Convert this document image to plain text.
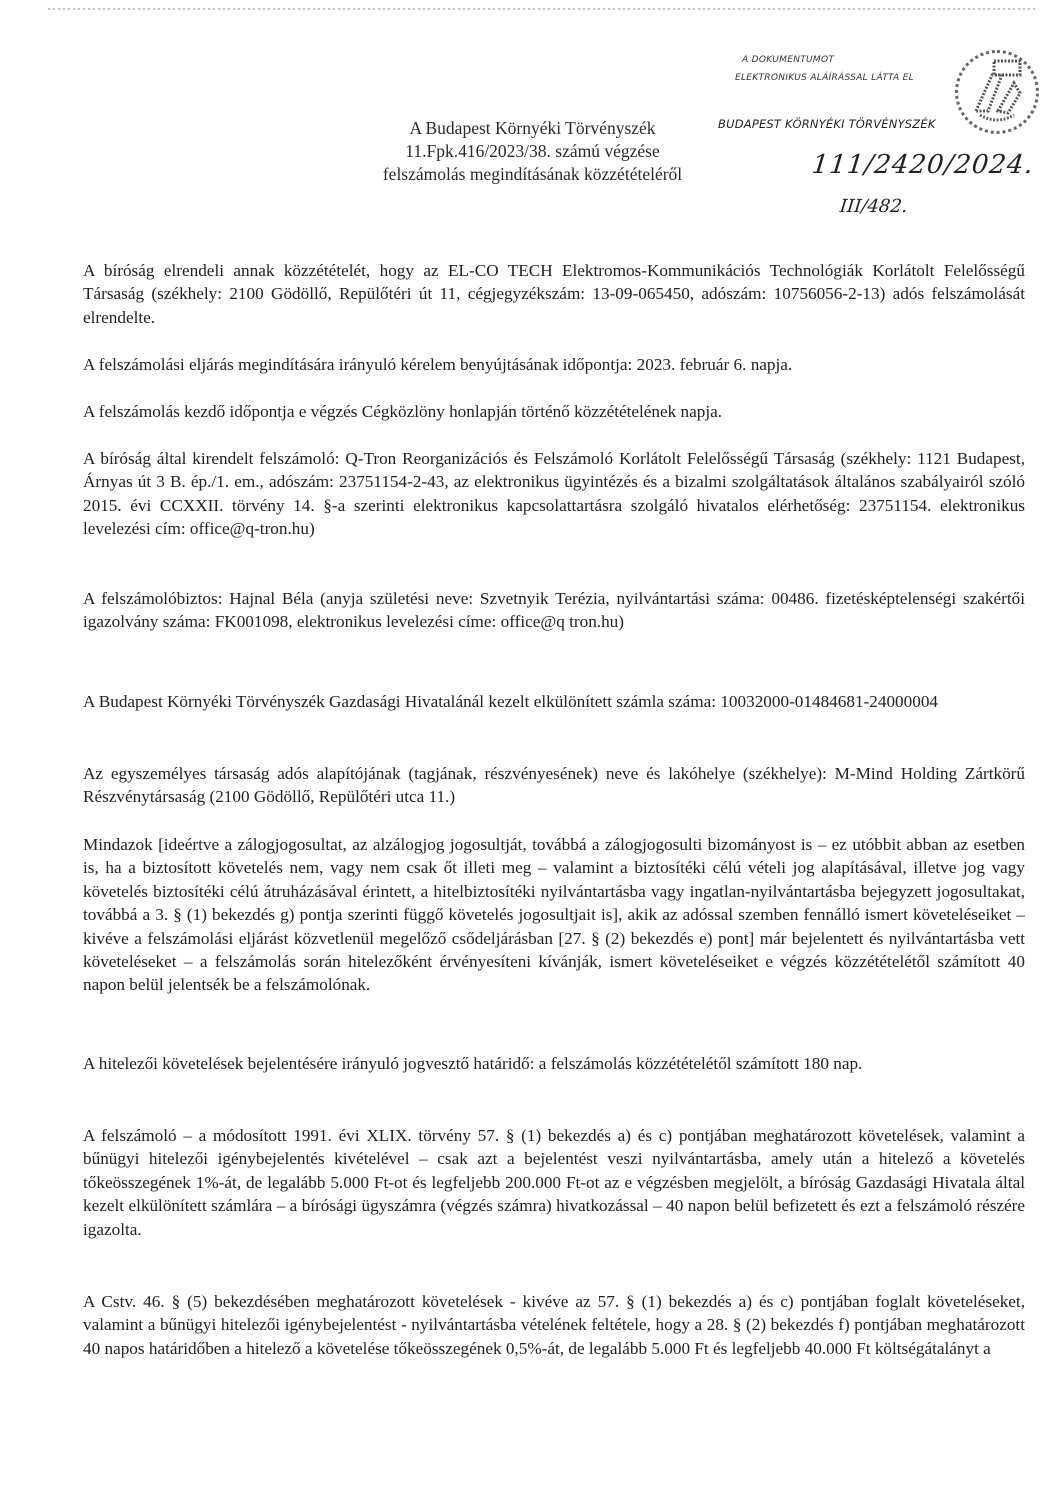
A DOKUMENTUMOT
ELEKTRONIKUS ALÁÍRÁSSAL LÁTTA EL
BUDAPEST KÖRNYÉKI TÖRVÉNYSZÉK
111/2420/2024.
III/482.
A Budapest Környéki Törvényszék
11.Fpk.416/2023/38. számú végzése
felszámolás megindításának közzétételéről

A bíróság elrendeli annak közzétételét, hogy az EL-CO TECH Elektromos-Kommunikációs Technológiák Korlátolt Felelősségű Társaság (székhely: 2100 Gödöllő, Repülőtéri út 11, cégjegyzékszám: 13-09-065450, adószám: 10756056-2-13) adós felszámolását elrendelte.

A felszámolási eljárás megindítására irányuló kérelem benyújtásának időpontja: 2023. február 6. napja.

A felszámolás kezdő időpontja e végzés Cégközlöny honlapján történő közzétételének napja.

A bíróság által kirendelt felszámoló: Q-Tron Reorganizációs és Felszámoló Korlátolt Felelősségű Társaság (székhely: 1121 Budapest, Árnyas út 3 B. ép./1. em., adószám: 23751154-2-43, az elektronikus ügyintézés és a bizalmi szolgáltatások általános szabályairól szóló 2015. évi CCXXII. törvény 14. §-a szerinti elektronikus kapcsolattartásra szolgáló hivatalos elérhetőség: 23751154. elektronikus levelezési cím: office@q-tron.hu)

A felszámolóbiztos: Hajnal Béla (anyja születési neve: Szvetnyik Terézia, nyilvántartási száma: 00486. fizetésképtelenségi szakértői igazolvány száma: FK001098, elektronikus levelezési címe: office@q tron.hu)

A Budapest Környéki Törvényszék Gazdasági Hivatalánál kezelt elkülönített számla száma: 10032000-01484681-24000004

Az egyszemélyes társaság adós alapítójának (tagjának, részvényesének) neve és lakóhelye (székhelye): M-Mind Holding Zártkörű Részvénytársaság (2100 Gödöllő, Repülőtéri utca 11.)

Mindazok [ideértve a zálogjogosultat, az alzálogjog jogosultját, továbbá a zálogjogosulti bizományost is – ez utóbbit abban az esetben is, ha a biztosított követelés nem, vagy nem csak őt illeti meg – valamint a biztosítéki célú vételi jog alapításával, illetve jog vagy követelés biztosítéki célú átruházásával érintett, a hitelbiztosítéki nyilvántartásba vagy ingatlan-nyilvántartásba bejegyzett jogosultakat, továbbá a 3. § (1) bekezdés g) pontja szerinti függő követelés jogosultjait is], akik az adóssal szemben fennálló ismert követeléseiket – kivéve a felszámolási eljárást közvetlenül megelőző csődeljárásban [27. § (2) bekezdés e) pont] már bejelentett és nyilvántartásba vett követeléseket – a felszámolás során hitelezőként érvényesíteni kívánják, ismert követeléseiket e végzés közzétételétől számított 40 napon belül jelentsék be a felszámolónak.

A hitelezői követelések bejelentésére irányuló jogvesztő határidő: a felszámolás közzétételétől számított 180 nap.

A felszámoló – a módosított 1991. évi XLIX. törvény 57. § (1) bekezdés a) és c) pontjában meghatározott követelések, valamint a bűnügyi hitelezői igénybejelentés kivételével – csak azt a bejelentést veszi nyilvántartásba, amely után a hitelező a követelés tőkeösszegének 1%-át, de legalább 5.000 Ft-ot és legfeljebb 200.000 Ft-ot az e végzésben megjelölt, a bíróság Gazdasági Hivatala által kezelt elkülönített számlára – a bírósági ügyszámra (végzés számra) hivatkozással – 40 napon belül befizetett és ezt a felszámoló részére igazolta.

A Cstv. 46. § (5) bekezdésében meghatározott követelések - kivéve az 57. § (1) bekezdés a) és c) pontjában foglalt követeléseket, valamint a bűnügyi hitelezői igénybejelentést - nyilvántartásba vételének feltétele, hogy a 28. § (2) bekezdés f) pontjában meghatározott 40 napos határidőben a hitelező a követelése tőkeösszegének 0,5%-át, de legalább 5.000 Ft és legfeljebb 40.000 Ft költségátalányt a
